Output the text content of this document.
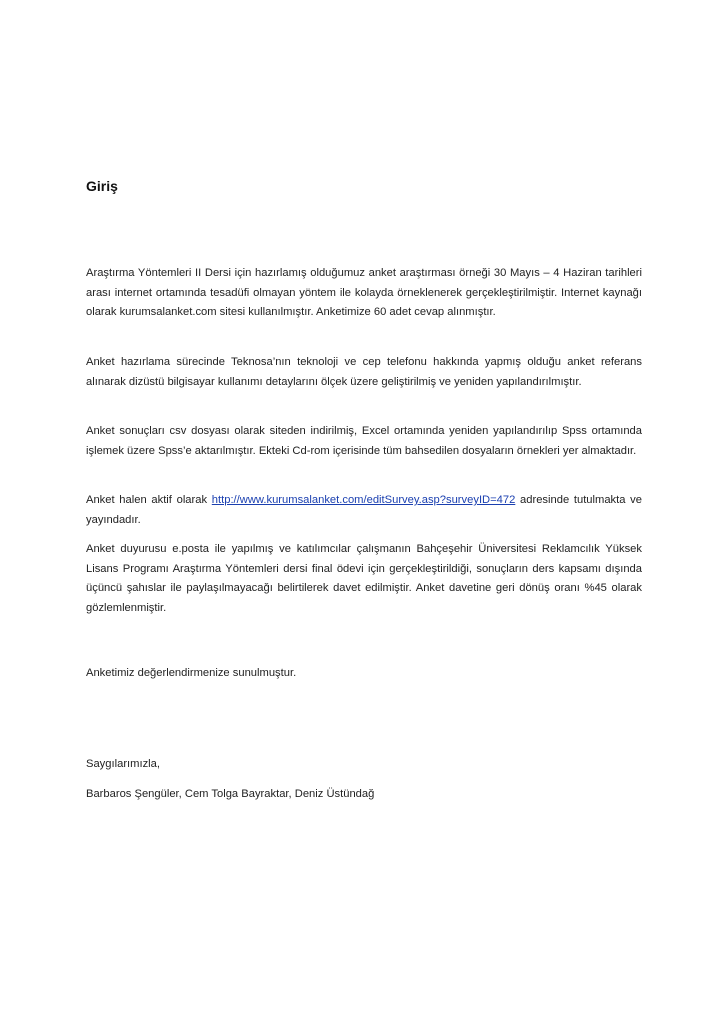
Giriş

Araştırma Yöntemleri II Dersi için hazırlamış olduğumuz anket araştırması örneği 30 Mayıs – 4 Haziran tarihleri arası internet ortamında tesadüfi olmayan yöntem ile kolayda örneklenerek gerçekleştirilmiştir. Internet kaynağı olarak kurumsalanket.com sitesi kullanılmıştır. Anketimize 60 adet cevap alınmıştır.

Anket hazırlama sürecinde Teknosa’nın teknoloji ve cep telefonu hakkında yapmış olduğu anket referans alınarak dizüstü bilgisayar kullanımı detaylarını ölçek üzere geliştirilmiş ve yeniden yapılandırılmıştır.

Anket sonuçları csv dosyası olarak siteden indirilmiş, Excel ortamında yeniden yapılandırılıp Spss ortamında işlemek üzere Spss’e aktarılmıştır. Ekteki Cd-rom içerisinde tüm bahsedilen dosyaların örnekleri yer almaktadır.

Anket halen aktif olarak http://www.kurumsalanket.com/editSurvey.asp?surveyID=472 adresinde tutulmakta ve yayındadır.

Anket duyurusu e.posta ile yapılmış ve katılımcılar çalışmanın Bahçeşehir Üniversitesi Reklamcılık Yüksek Lisans Programı Araştırma Yöntemleri dersi final ödevi için gerçekleştirildiği, sonuçların ders kapsamı dışında üçüncü şahıslar ile paylaşılmayacağı belirtilerek davet edilmiştir. Anket davetine geri dönüş oranı %45 olarak gözlemlenmiştir.

Anketimiz değerlendirmenize sunulmuştur.

Saygılarımızla,

Barbaros Şengüler, Cem Tolga Bayraktar, Deniz Üstündağ
